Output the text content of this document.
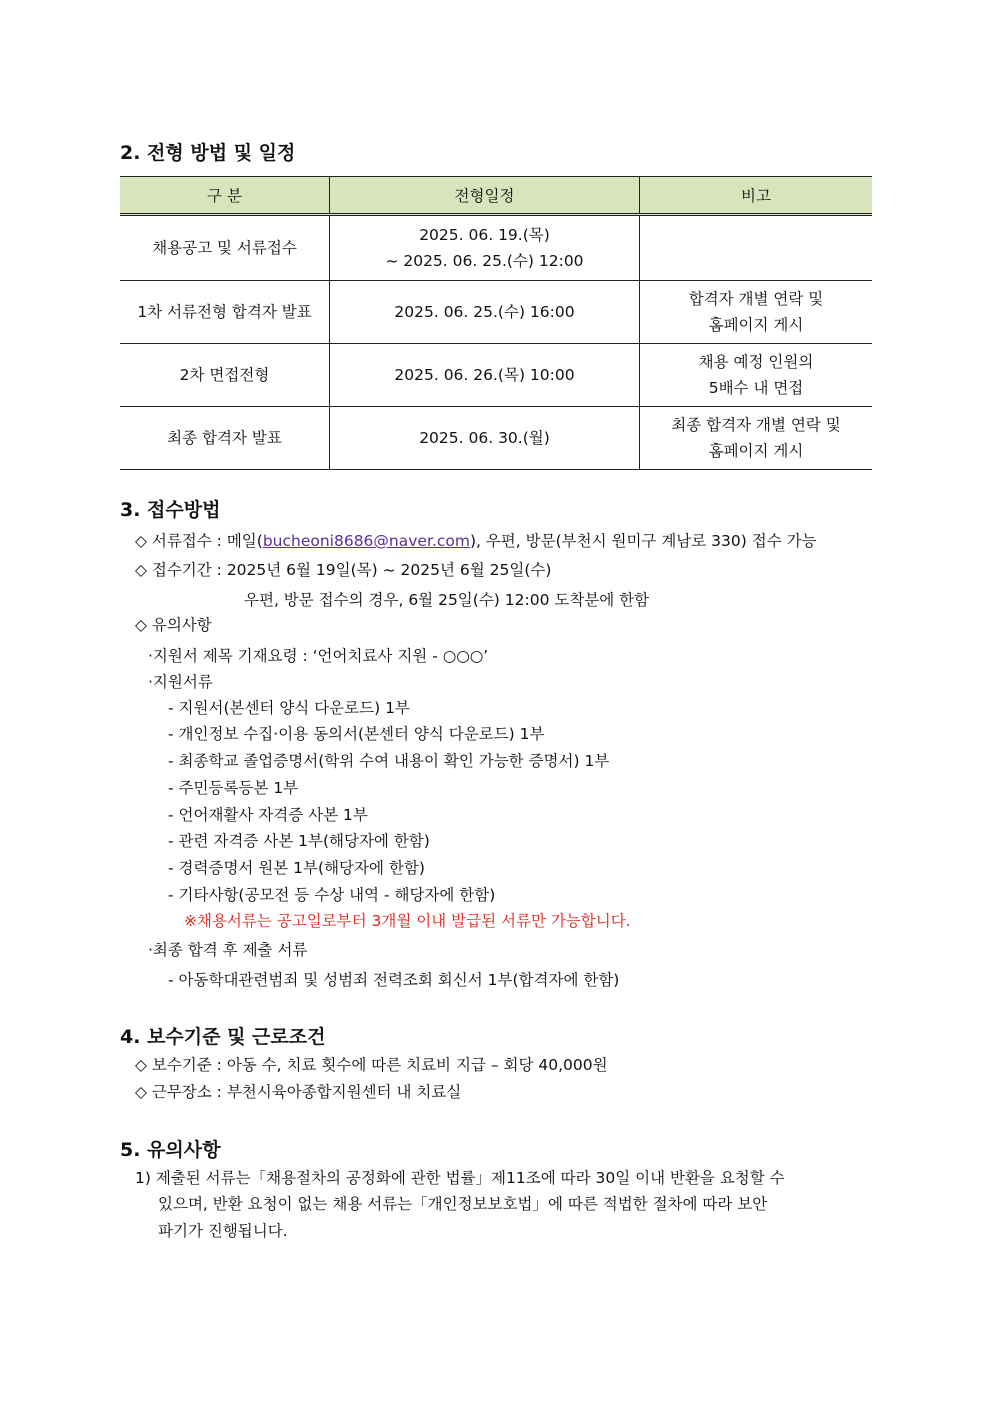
2. 전형 방법 및 일정
구 분	전형일정	비고
채용공고 및 서류접수	2025. 06. 19.(목)
~ 2025. 06. 25.(수) 12:00	

1차 서류전형 합격자 발표	2025. 06. 25.(수) 16:00	합격자 개별 연락 및
홈페이지 게시

2차 면접전형	2025. 06. 26.(목) 10:00	채용 예정 인원의
5배수 내 면접

최종 합격자 발표	2025. 06. 30.(월)	최종 합격자 개별 연락 및
홈페이지 게시
3. 접수방법
◇ 서류접수 : 메일(bucheoni8686@naver.com), 우편, 방문(부천시 원미구 계남로 330) 접수 가능
◇ 접수기간 : 2025년 6월 19일(목) ~ 2025년 6월 25일(수)
우편, 방문 접수의 경우, 6월 25일(수) 12:00 도착분에 한함
◇ 유의사항
·지원서 제목 기재요령 : ‘언어치료사 지원 - ○○○’
·지원서류
- 지원서(본센터 양식 다운로드) 1부
- 개인정보 수집·이용 동의서(본센터 양식 다운로드) 1부
- 최종학교 졸업증명서(학위 수여 내용이 확인 가능한 증명서) 1부
- 주민등록등본 1부
- 언어재활사 자격증 사본 1부
- 관련 자격증 사본 1부(해당자에 한함)
- 경력증명서 원본 1부(해당자에 한함)
- 기타사항(공모전 등 수상 내역 - 해당자에 한함)
※채용서류는 공고일로부터 3개월 이내 발급된 서류만 가능합니다.
·최종 합격 후 제출 서류
- 아동학대관련범죄 및 성범죄 전력조회 회신서 1부(합격자에 한함)
4. 보수기준 및 근로조건
◇ 보수기준 : 아동 수, 치료 횟수에 따른 치료비 지급 – 회당 40,000원
◇ 근무장소 : 부천시육아종합지원센터 내 치료실
5. 유의사항
1) 제출된 서류는「채용절차의 공정화에 관한 법률」제11조에 따라 30일 이내 반환을 요청할 수
있으며, 반환 요청이 없는 채용 서류는「개인정보보호법」에 따른 적법한 절차에 따라 보안
파기가 진행됩니다.
